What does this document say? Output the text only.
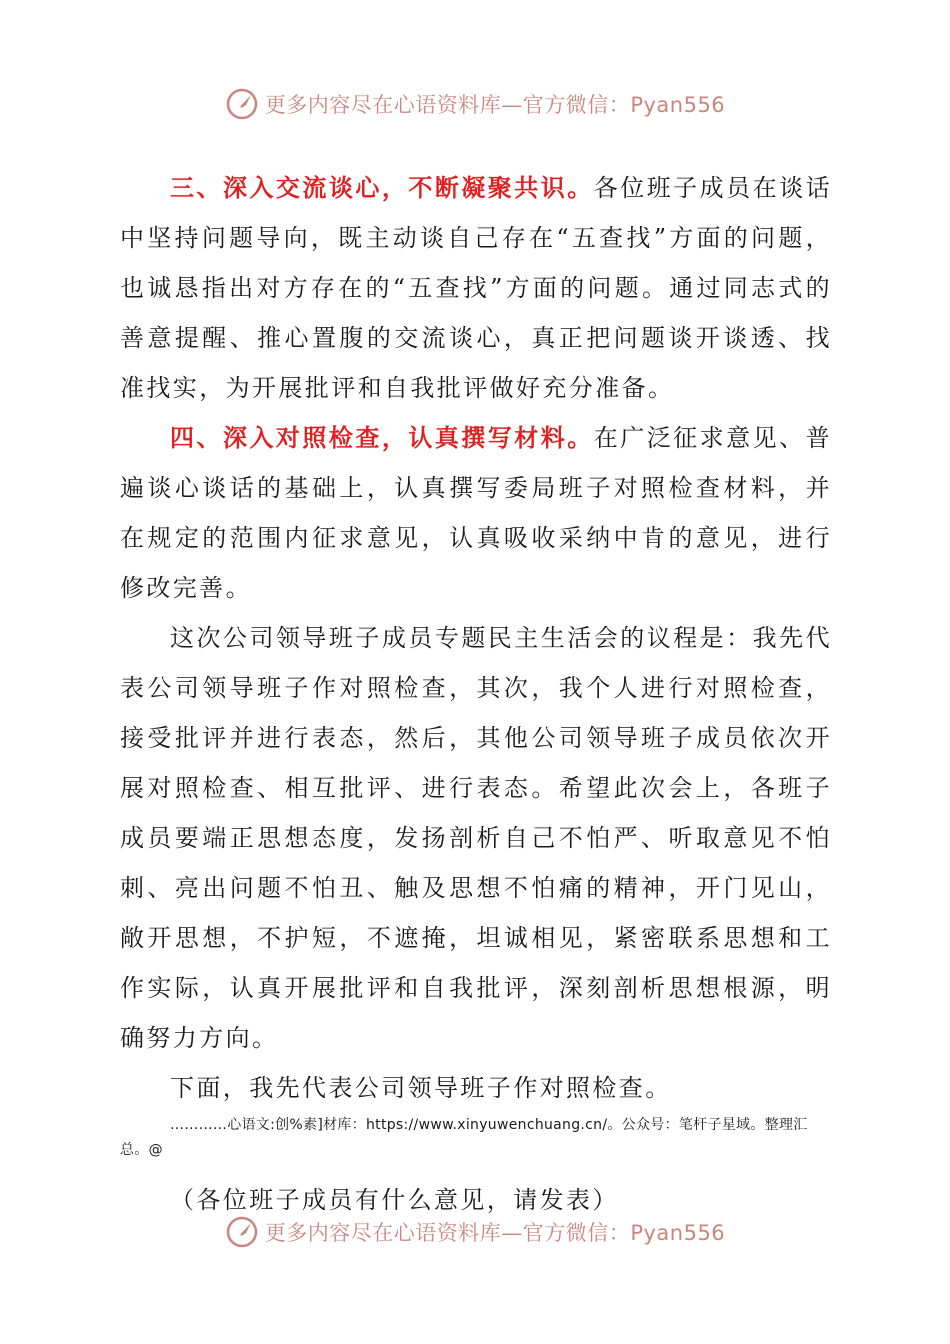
更多内容尽在心语资料库—官方微信：Pyan556

三、深入交流谈心，不断凝聚共识。各位班子成员在谈话中坚持问题导向，既主动谈自己存在“五查找”方面的问题，也诚恳指出对方存在的“五查找”方面的问题。通过同志式的善意提醒、推心置腹的交流谈心，真正把问题谈开谈透、找准找实，为开展批评和自我批评做好充分准备。

四、深入对照检查，认真撰写材料。在广泛征求意见、普遍谈心谈话的基础上，认真撰写委局班子对照检查材料，并在规定的范围内征求意见，认真吸收采纳中肯的意见，进行修改完善。

这次公司领导班子成员专题民主生活会的议程是：我先代表公司领导班子作对照检查，其次，我个人进行对照检查，接受批评并进行表态，然后，其他公司领导班子成员依次开展对照检查、相互批评、进行表态。希望此次会上，各班子成员要端正思想态度，发扬剖析自己不怕严、听取意见不怕刺、亮出问题不怕丑、触及思想不怕痛的精神，开门见山，敞开思想，不护短，不遮掩，坦诚相见，紧密联系思想和工作实际，认真开展批评和自我批评，深刻剖析思想根源，明确努力方向。

下面，我先代表公司领导班子作对照检查。

…………心语文:创%素]材库：https://www.xinyuwenchuang.cn/。公众号：笔杆子星域。整理汇总。@

（各位班子成员有什么意见，请发表）

更多内容尽在心语资料库—官方微信：Pyan556
